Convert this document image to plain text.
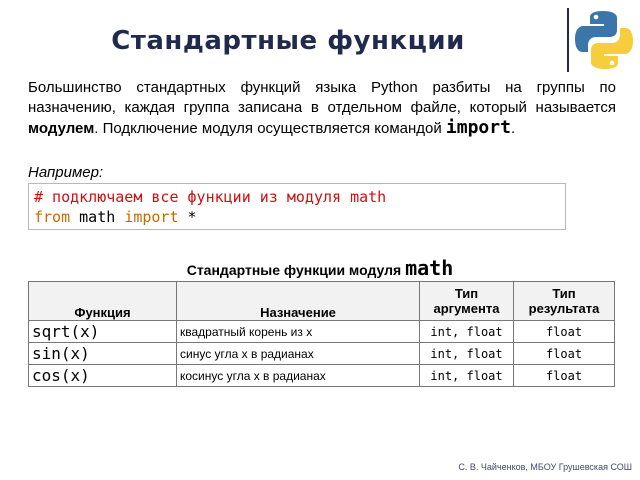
Стандартные функции
Большинство стандартных функций языка Python разбиты на группы по назначению, каждая группа записана в отдельном файле, который называется модулем. Подключение модуля осуществляется командой import.
Например:
# подключаем все функции из модуля math
from math import *
Стандартные функции модуля math
Функция	Назначение	Тип аргумента	Тип результата
sqrt(x)	квадратный корень из x	int, float	float
sin(x)	синус угла x в радианах	int, float	float
cos(x)	косинус угла x в радианах	int, float	float
С. В. Чайченков, МБОУ Грушевская СОШ
